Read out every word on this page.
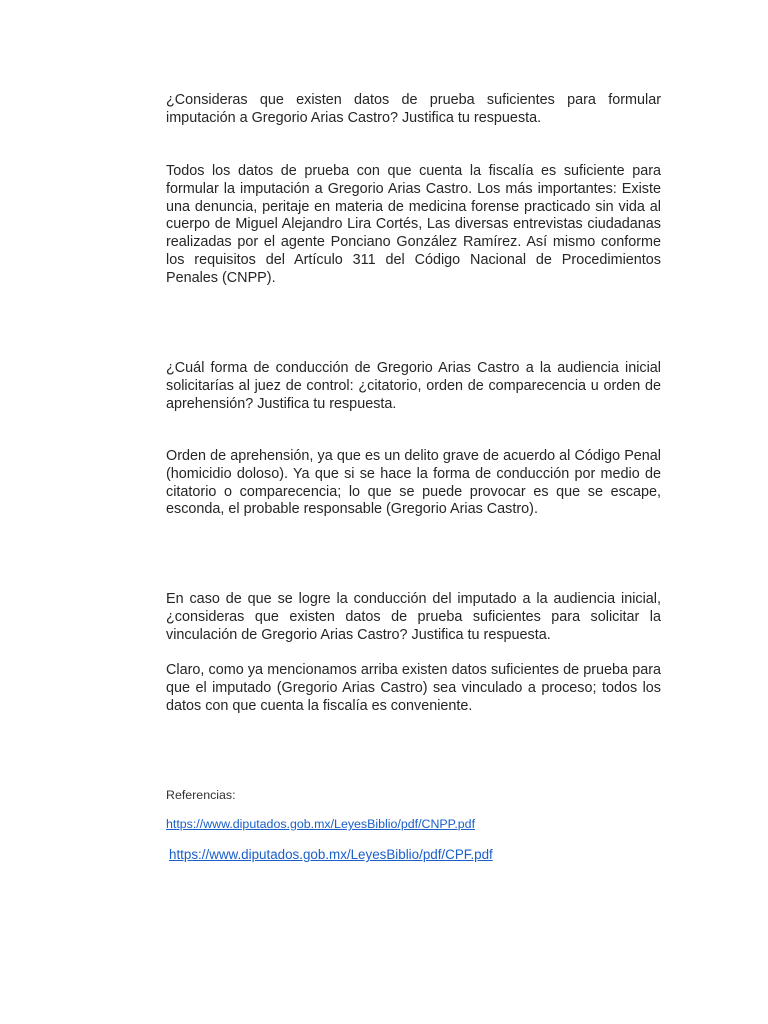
¿Consideras que existen datos de prueba suficientes para formular imputación a Gregorio Arias Castro? Justifica tu respuesta.

Todos los datos de prueba con que cuenta la fiscalía es suficiente para formular la imputación a Gregorio Arias Castro. Los más importantes: Existe una denuncia, peritaje en materia de medicina forense practicado sin vida al cuerpo de Miguel Alejandro Lira Cortés, Las diversas entrevistas ciudadanas realizadas por el agente Ponciano González Ramírez. Así mismo conforme los requisitos del Artículo 311 del Código Nacional de Procedimientos Penales (CNPP).

¿Cuál forma de conducción de Gregorio Arias Castro a la audiencia inicial solicitarías al juez de control: ¿citatorio, orden de comparecencia u orden de aprehensión? Justifica tu respuesta.

Orden de aprehensión, ya que es un delito grave de acuerdo al Código Penal (homicidio doloso). Ya que si se hace la forma de conducción por medio de citatorio o comparecencia; lo que se puede provocar es que se escape, esconda, el probable responsable (Gregorio Arias Castro).

En caso de que se logre la conducción del imputado a la audiencia inicial, ¿consideras que existen datos de prueba suficientes para solicitar la vinculación de Gregorio Arias Castro? Justifica tu respuesta.

Claro, como ya mencionamos arriba existen datos suficientes de prueba para que el imputado (Gregorio Arias Castro) sea vinculado a proceso; todos los datos con que cuenta la fiscalía es conveniente.

Referencias:

https://www.diputados.gob.mx/LeyesBiblio/pdf/CNPP.pdf
https://www.diputados.gob.mx/LeyesBiblio/pdf/CPF.pdf
